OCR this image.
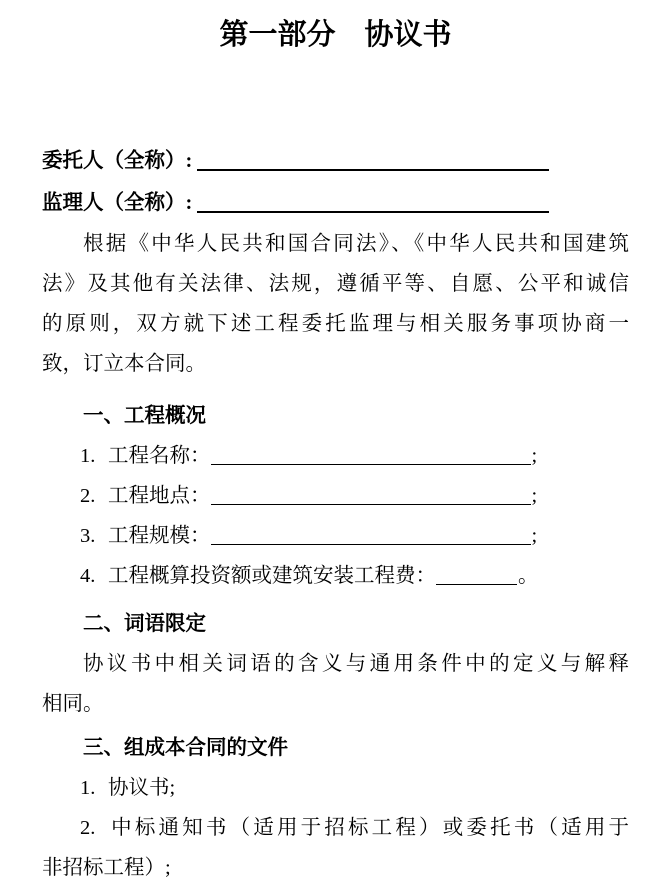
第一部分　协议书
委托人（全称）:
监理人（全称）:
根据《中华人民共和国合同法》、《中华人民共和国建筑
法》及其他有关法律、法规，遵循平等、自愿、公平和诚信
的原则，双方就下述工程委托监理与相关服务事项协商一
致，订立本合同。
一、工程概况
1. 工程名称：	;
2. 工程地点：	;
3. 工程规模：	;
4. 工程概算投资额或建筑安装工程费：	。
二、词语限定
协议书中相关词语的含义与通用条件中的定义与解释
相同。
三、组成本合同的文件
1. 协议书;
2. 中标通知书（适用于招标工程）或委托书（适用于
非招标工程）;
